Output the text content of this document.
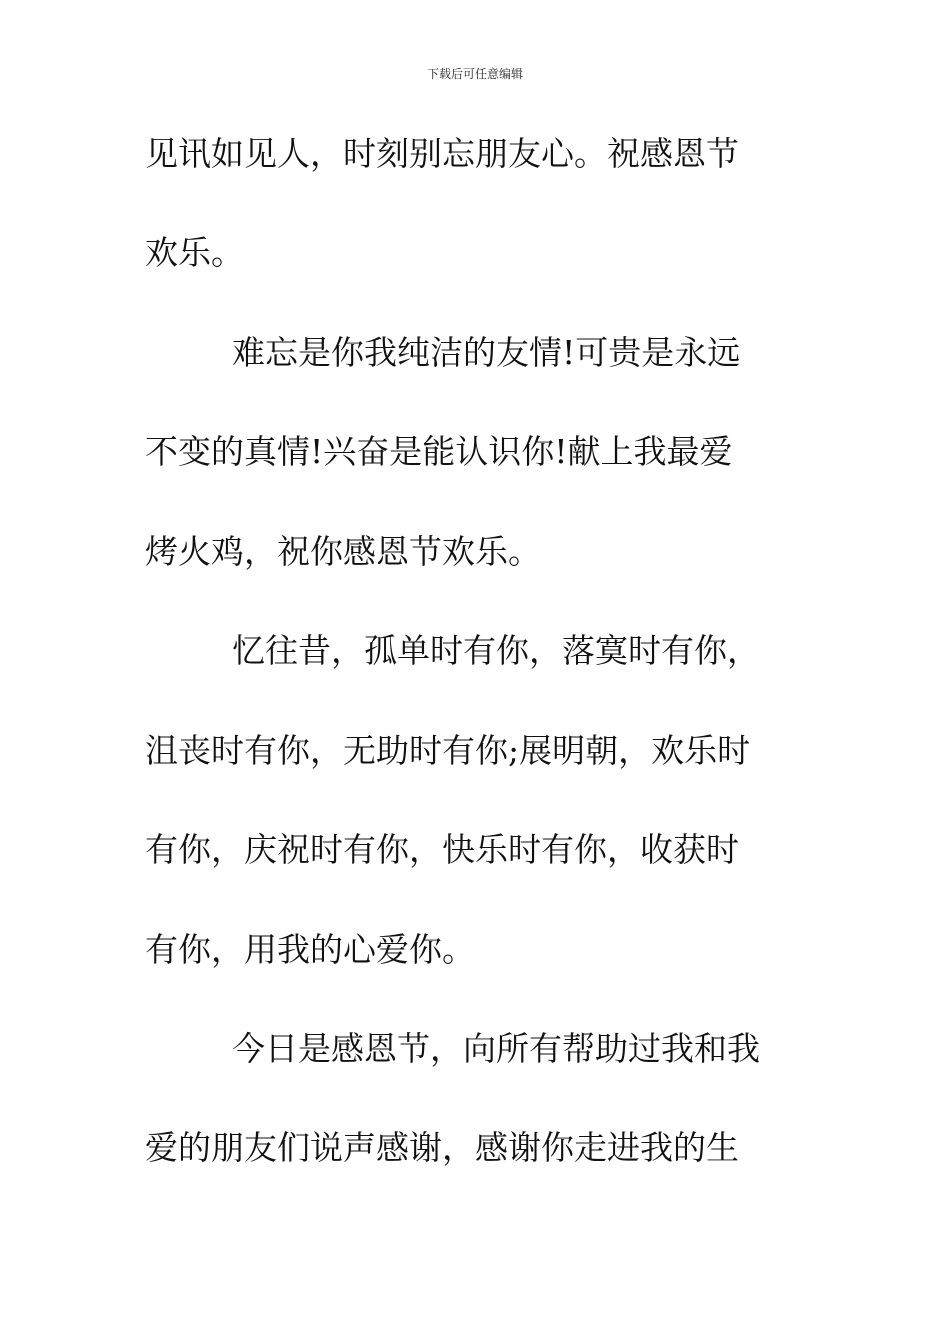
下载后可任意编辑
见讯如见人，时刻别忘朋友心。祝感恩节
欢乐。
难忘是你我纯洁的友情!可贵是永远
不变的真情!兴奋是能认识你!献上我最爱
烤火鸡，祝你感恩节欢乐。
忆往昔，孤单时有你，落寞时有你，
沮丧时有你，无助时有你;展明朝，欢乐时
有你，庆祝时有你，快乐时有你，收获时
有你，用我的心爱你。
今日是感恩节，向所有帮助过我和我
爱的朋友们说声感谢，感谢你走进我的生
